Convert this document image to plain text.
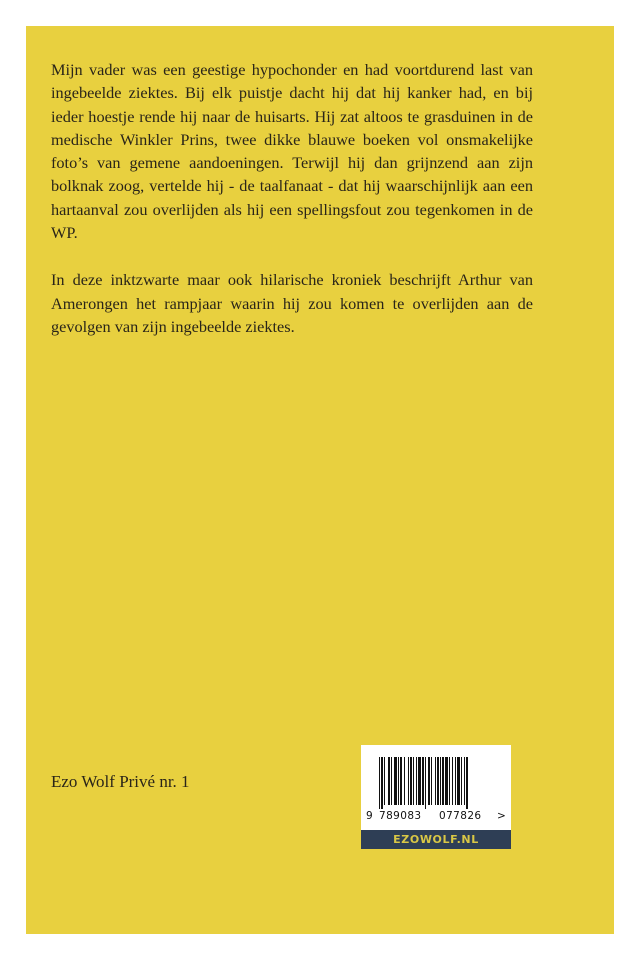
Mijn vader was een geestige hypochonder en had voortdurend last van ingebeelde ziektes. Bij elk puistje dacht hij dat hij kanker had, en bij ieder hoestje rende hij naar de huisarts. Hij zat altoos te grasduinen in de medische Winkler Prins, twee dikke blauwe boeken vol onsmakelijke foto’s van gemene aandoeningen. Terwijl hij dan grijnzend aan zijn bolknak zoog, vertelde hij - de taalfanaat - dat hij waarschijnlijk aan een hartaanval zou overlijden als hij een spellingsfout zou tegenkomen in de WP.

In deze inktzwarte maar ook hilarische kroniek beschrijft Arthur van Amerongen het rampjaar waarin hij zou komen te overlijden aan de gevolgen van zijn ingebeelde ziektes.

Ezo Wolf Privé nr. 1
9 789083	077826	>
EZOWOLF.NL
